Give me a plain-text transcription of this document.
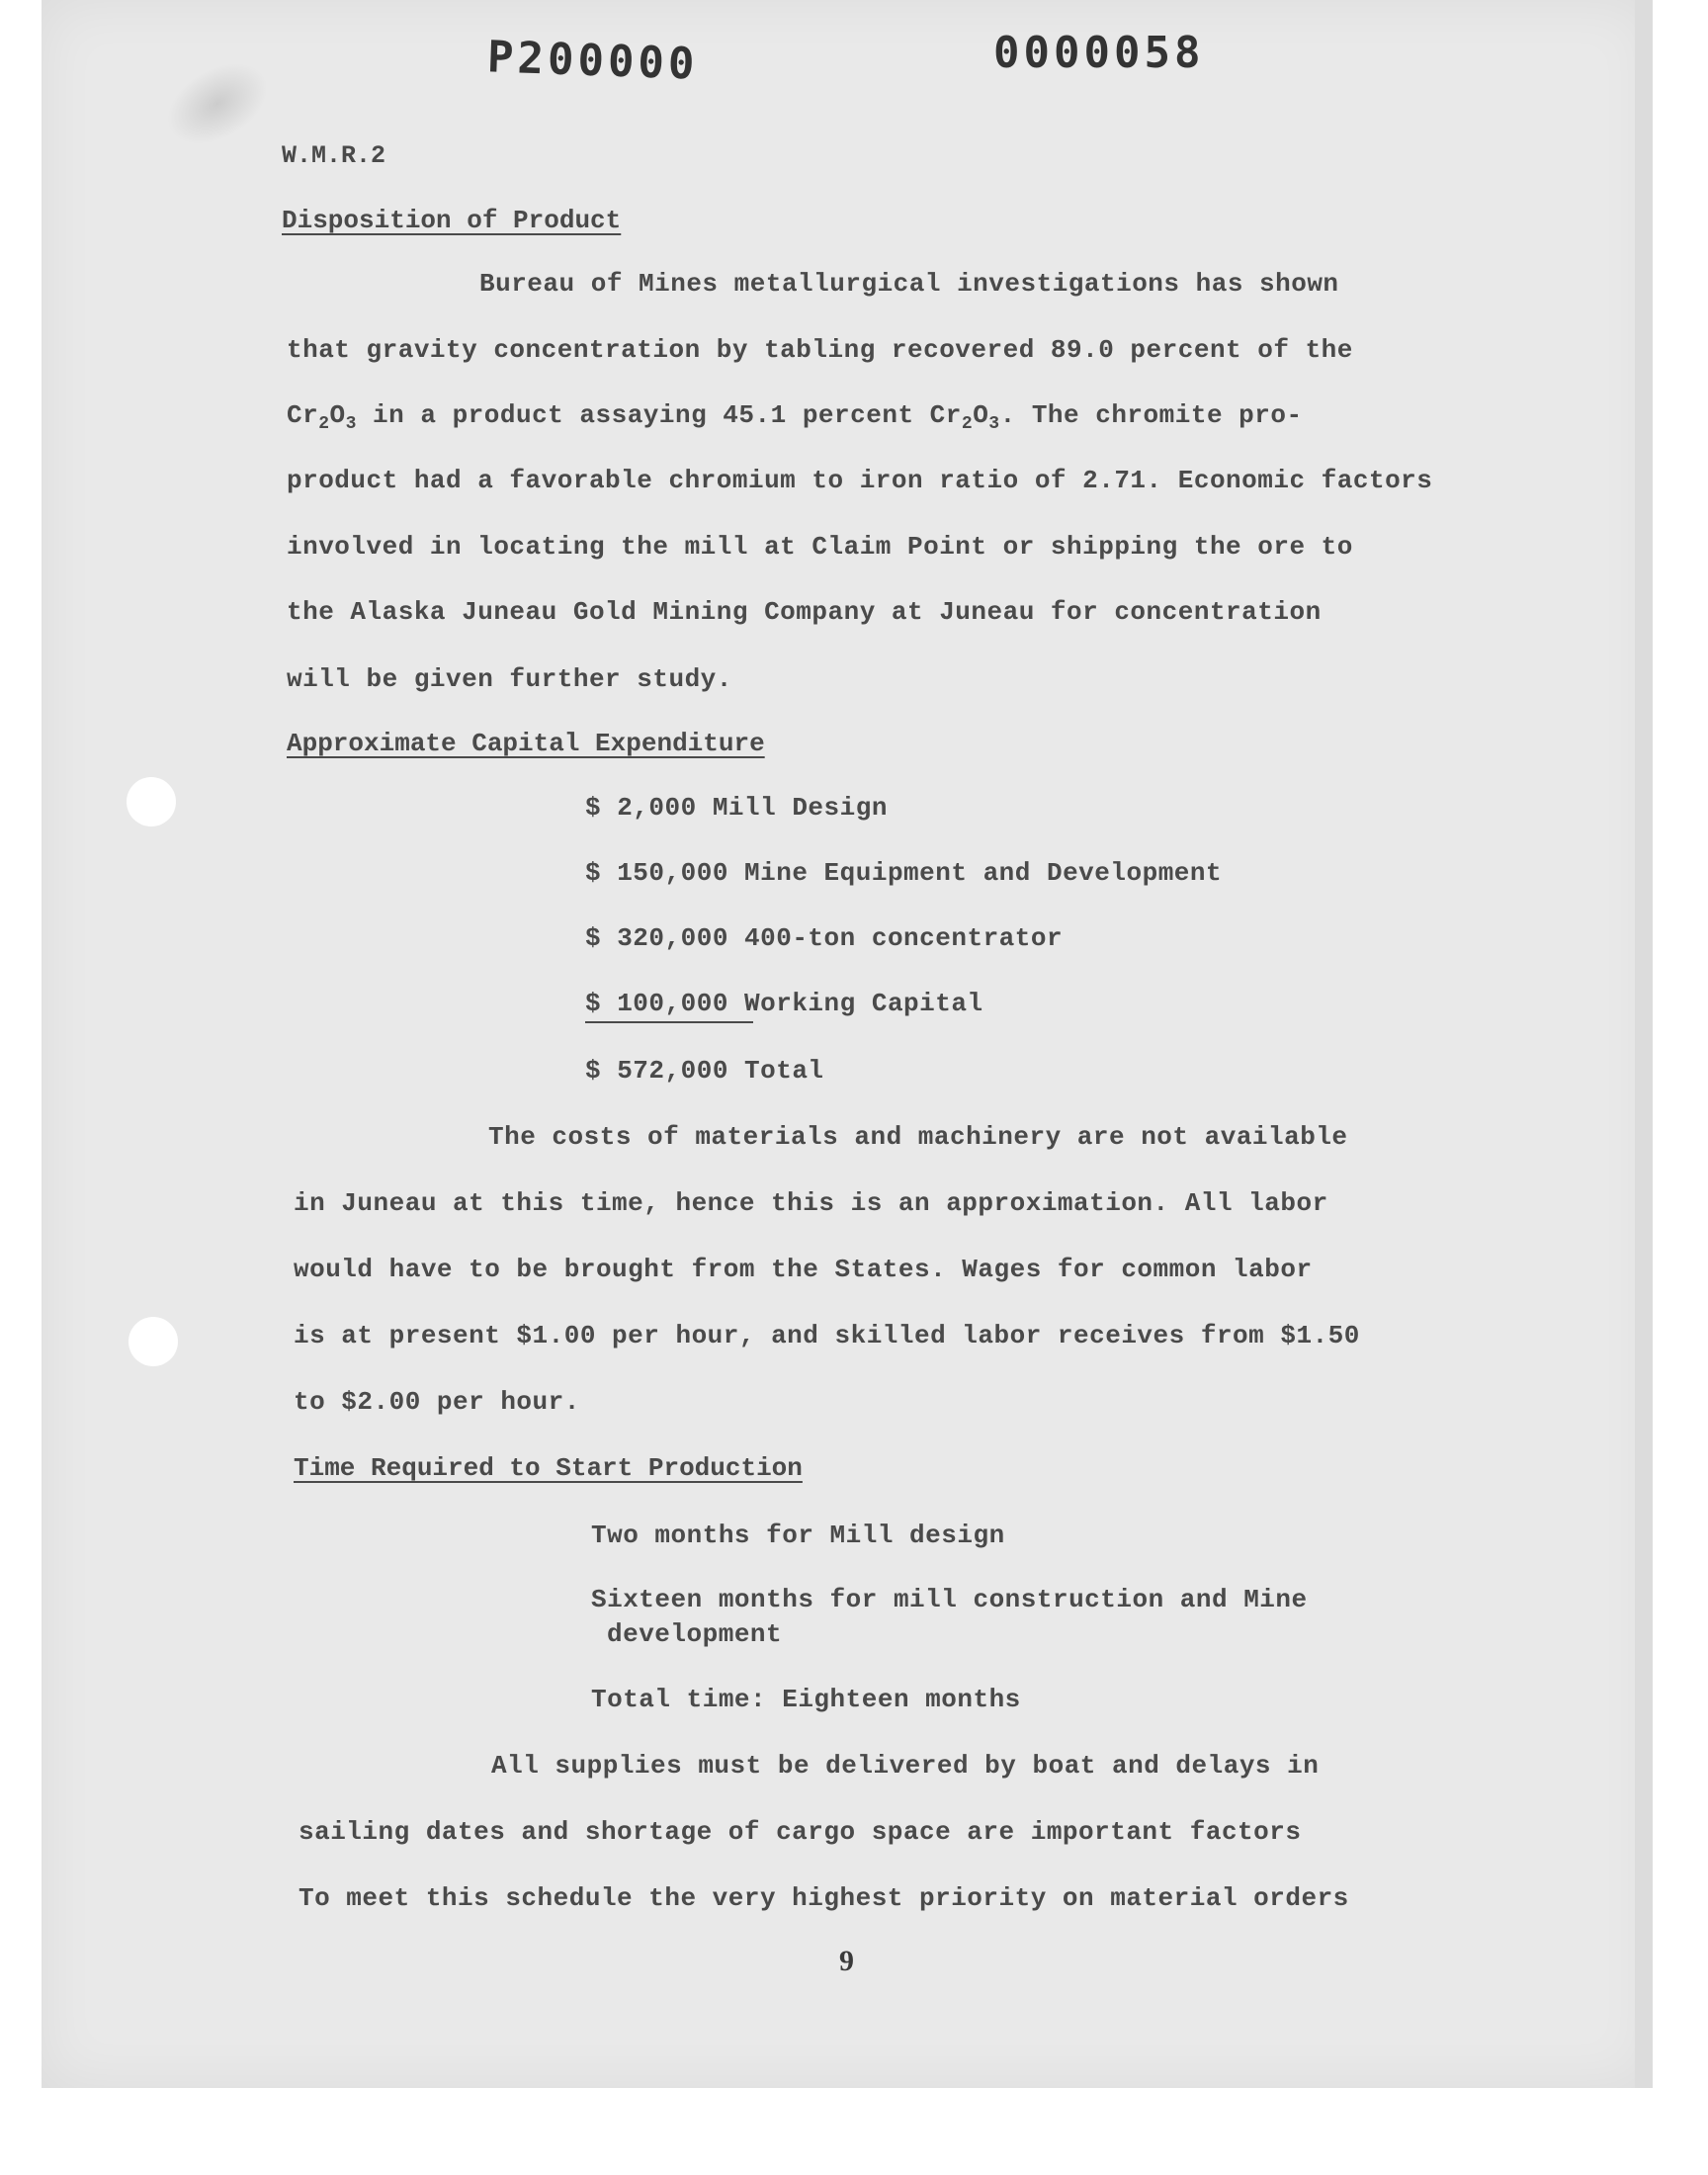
P200000	0000058
W.M.R.2
Disposition of Product
Bureau of Mines metallurgical investigations has shown
that gravity concentration by tabling recovered 89.0 percent of the
$Cr_2O_3$ in a product assaying 45.1 percent $Cr_2O_3$. The chromite pro-
product had a favorable chromium to iron ratio of 2.71. Economic factors
involved in locating the mill at Claim Point or shipping the ore to
the Alaska Juneau Gold Mining Company at Juneau for concentration
will be given further study.
Approximate Capital Expenditure
$ 2,000 Mill Design
$ 150,000 Mine Equipment and Development
$ 320,000 400-ton concentrator
$ 100,000 Working Capital
$ 572,000 Total
The costs of materials and machinery are not available
in Juneau at this time, hence this is an approximation. All labor
would have to be brought from the States. Wages for common labor
is at present $1.00 per hour, and skilled labor receives from $1.50
to $2.00 per hour.
Time Required to Start Production
Two months for Mill design
Sixteen months for mill construction and Mine
development
Total time: Eighteen months
All supplies must be delivered by boat and delays in
sailing dates and shortage of cargo space are important factors
To meet this schedule the very highest priority on material orders
9
